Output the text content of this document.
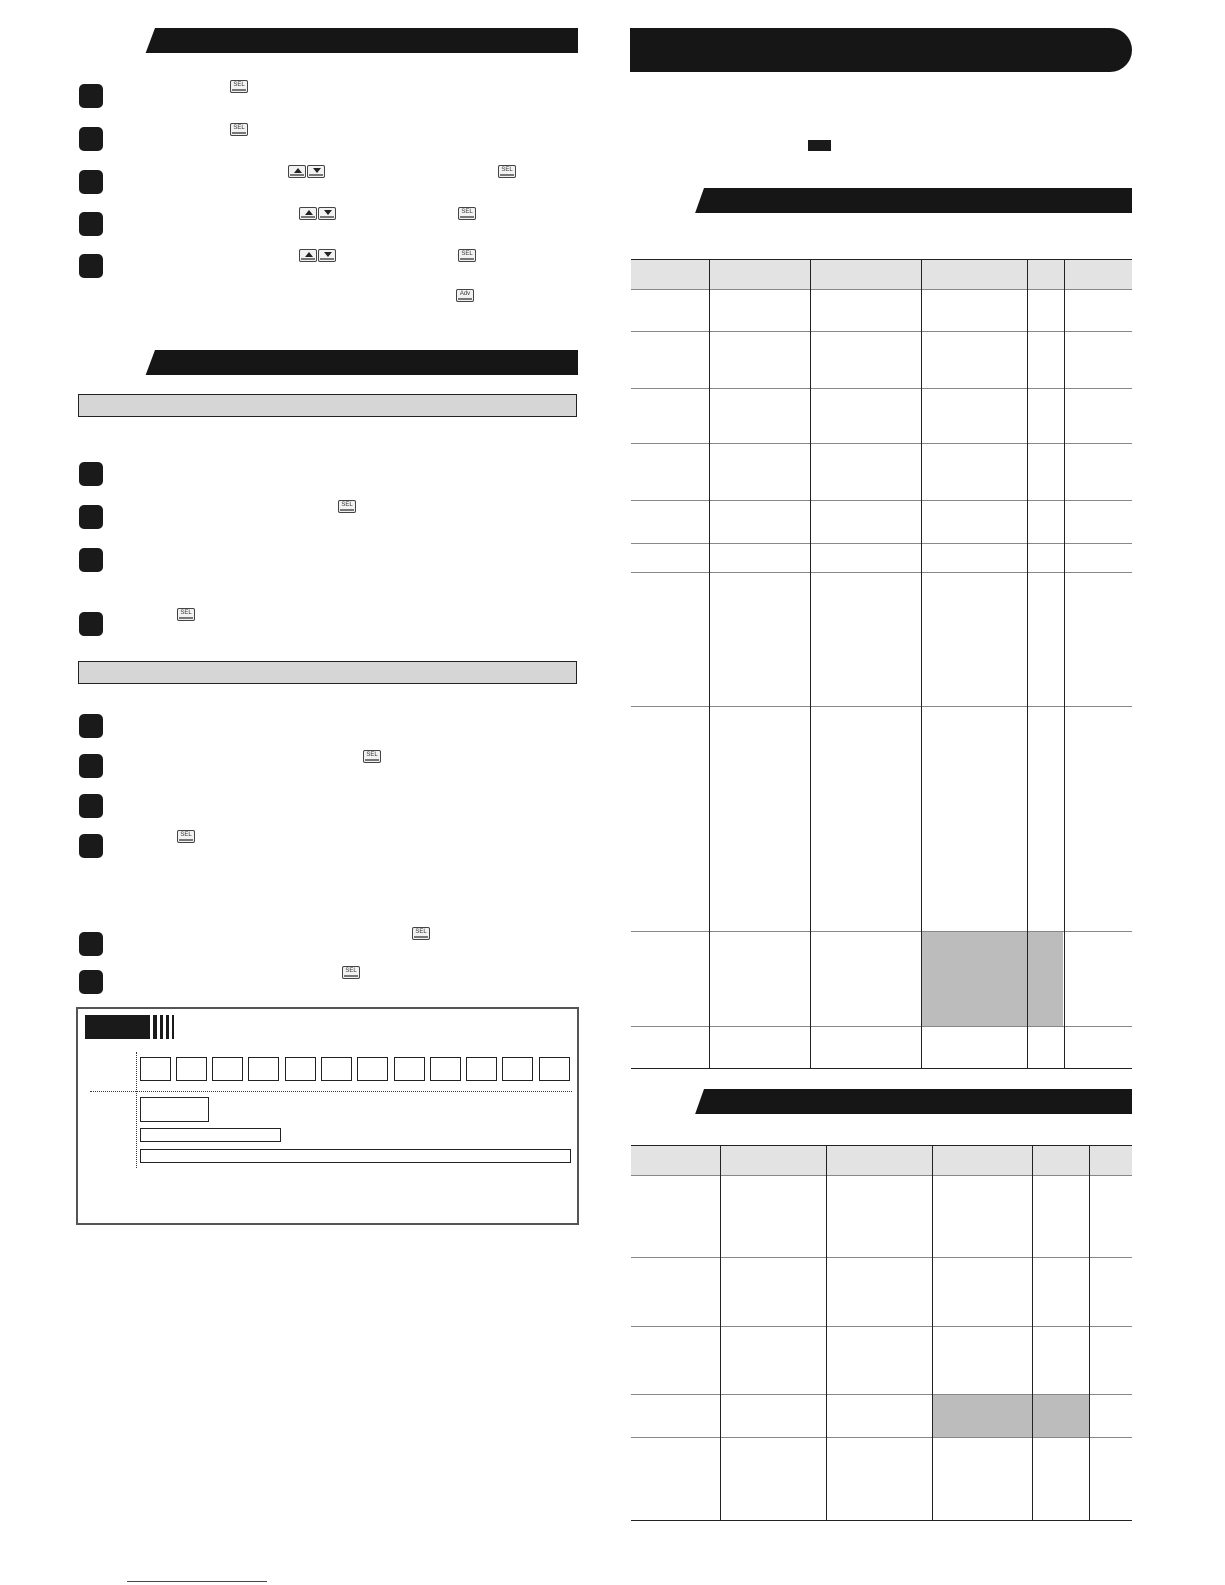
SEL
SEL
SEL
SEL
SEL
Adv
SEL
SEL
SEL
SEL
SEL
SEL
